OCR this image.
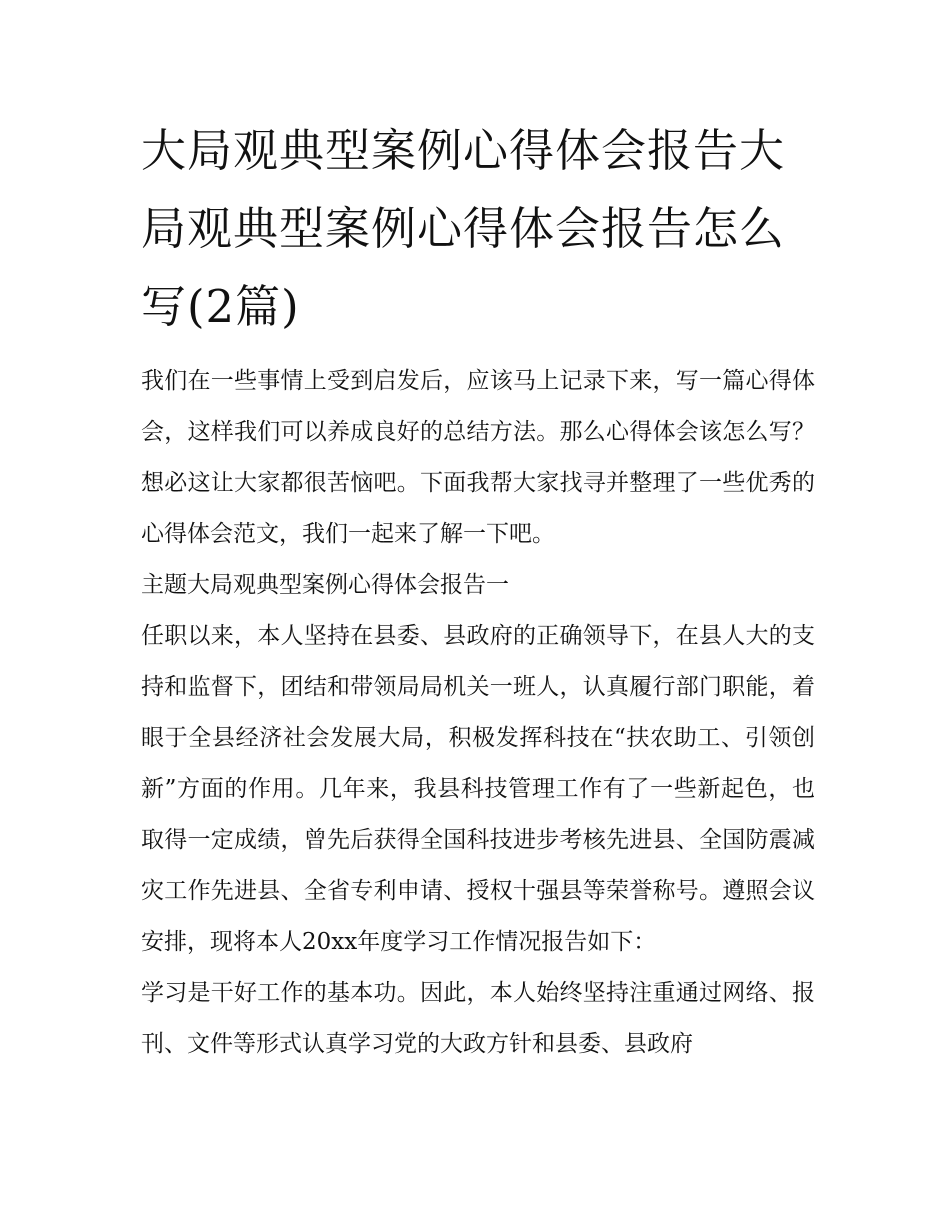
大局观典型案例心得体会报告大局观典型案例心得体会报告怎么写(2篇)

我们在一些事情上受到启发后，应该马上记录下来，写一篇心得体会，这样我们可以养成良好的总结方法。那么心得体会该怎么写？想必这让大家都很苦恼吧。下面我帮大家找寻并整理了一些优秀的心得体会范文，我们一起来了解一下吧。

主题大局观典型案例心得体会报告一

任职以来，本人坚持在县委、县政府的正确领导下，在县人大的支持和监督下，团结和带领局局机关一班人，认真履行部门职能，着眼于全县经济社会发展大局，积极发挥科技在“扶农助工、引领创新”方面的作用。几年来，我县科技管理工作有了一些新起色，也取得一定成绩，曾先后获得全国科技进步考核先进县、全国防震减灾工作先进县、全省专利申请、授权十强县等荣誉称号。遵照会议安排，现将本人20xx年度学习工作情况报告如下：

学习是干好工作的基本功。因此，本人始终坚持注重通过网络、报刊、文件等形式认真学习党的大政方针和县委、县政府
